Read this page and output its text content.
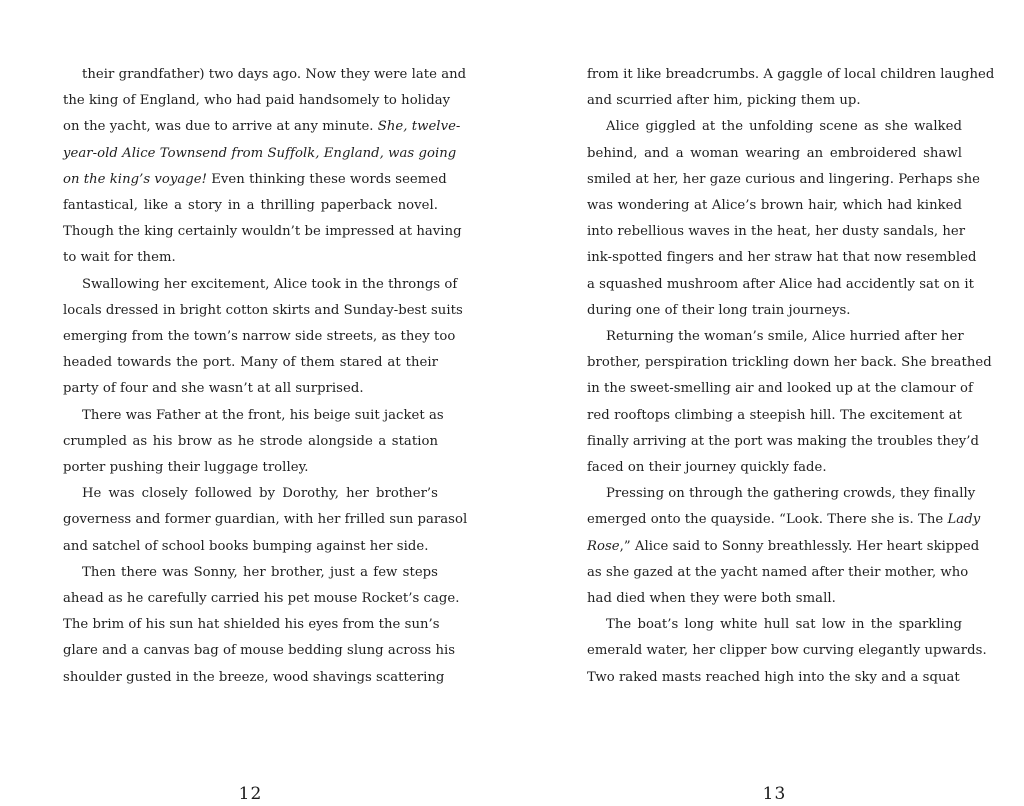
their grandfather) two days ago. Now they were late and
the king of England, who had paid handsomely to holiday
on the yacht, was due to arrive at any minute. She, twelve-
year-old Alice Townsend from Suffolk, England, was going
on the king’s voyage! Even thinking these words seemed
fantastical, like a story in a thrilling paperback novel.
Though the king certainly wouldn’t be impressed at having
to wait for them.

Swallowing her excitement, Alice took in the throngs of
locals dressed in bright cotton skirts and Sunday-best suits
emerging from the town’s narrow side streets, as they too
headed towards the port. Many of them stared at their
party of four and she wasn’t at all surprised.

There was Father at the front, his beige suit jacket as
crumpled as his brow as he strode alongside a station
porter pushing their luggage trolley.

He was closely followed by Dorothy, her brother’s
governess and former guardian, with her frilled sun parasol
and satchel of school books bumping against her side.

Then there was Sonny, her brother, just a few steps
ahead as he carefully carried his pet mouse Rocket’s cage.
The brim of his sun hat shielded his eyes from the sun’s
glare and a canvas bag of mouse bedding slung across his
shoulder gusted in the breeze, wood shavings scattering

12

from it like breadcrumbs. A gaggle of local children laughed
and scurried after him, picking them up.

Alice giggled at the unfolding scene as she walked
behind, and a woman wearing an embroidered shawl
smiled at her, her gaze curious and lingering. Perhaps she
was wondering at Alice’s brown hair, which had kinked
into rebellious waves in the heat, her dusty sandals, her
ink-spotted fingers and her straw hat that now resembled
a squashed mushroom after Alice had accidently sat on it
during one of their long train journeys.

Returning the woman’s smile, Alice hurried after her
brother, perspiration trickling down her back. She breathed
in the sweet-smelling air and looked up at the clamour of
red rooftops climbing a steepish hill. The excitement at
finally arriving at the port was making the troubles they’d
faced on their journey quickly fade.

Pressing on through the gathering crowds, they finally
emerged onto the quayside. “Look. There she is. The Lady
Rose,” Alice said to Sonny breathlessly. Her heart skipped
as she gazed at the yacht named after their mother, who
had died when they were both small.

The boat’s long white hull sat low in the sparkling
emerald water, her clipper bow curving elegantly upwards.
Two raked masts reached high into the sky and a squat

13
